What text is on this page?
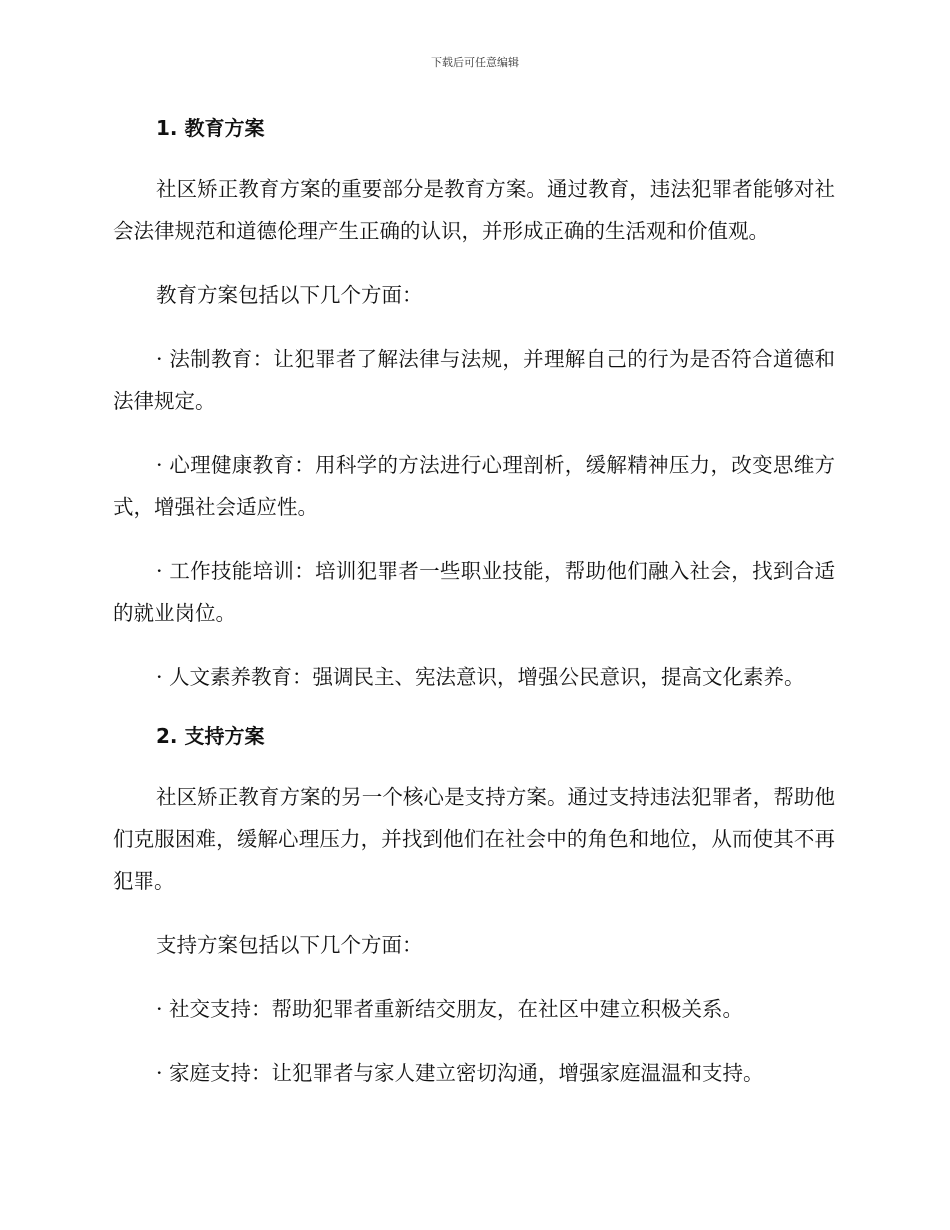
下载后可任意编辑
1. 教育方案

社区矫正教育方案的重要部分是教育方案。通过教育，违法犯罪者能够对社会法律规范和道德伦理产生正确的认识，并形成正确的生活观和价值观。

教育方案包括以下几个方面：

· 法制教育：让犯罪者了解法律与法规，并理解自己的行为是否符合道德和法律规定。

· 心理健康教育：用科学的方法进行心理剖析，缓解精神压力，改变思维方式，增强社会适应性。

· 工作技能培训：培训犯罪者一些职业技能，帮助他们融入社会，找到合适的就业岗位。

· 人文素养教育：强调民主、宪法意识，增强公民意识，提高文化素养。

2. 支持方案

社区矫正教育方案的另一个核心是支持方案。通过支持违法犯罪者，帮助他们克服困难，缓解心理压力，并找到他们在社会中的角色和地位，从而使其不再犯罪。

支持方案包括以下几个方面：

· 社交支持：帮助犯罪者重新结交朋友，在社区中建立积极关系。

· 家庭支持：让犯罪者与家人建立密切沟通，增强家庭温温和支持。
